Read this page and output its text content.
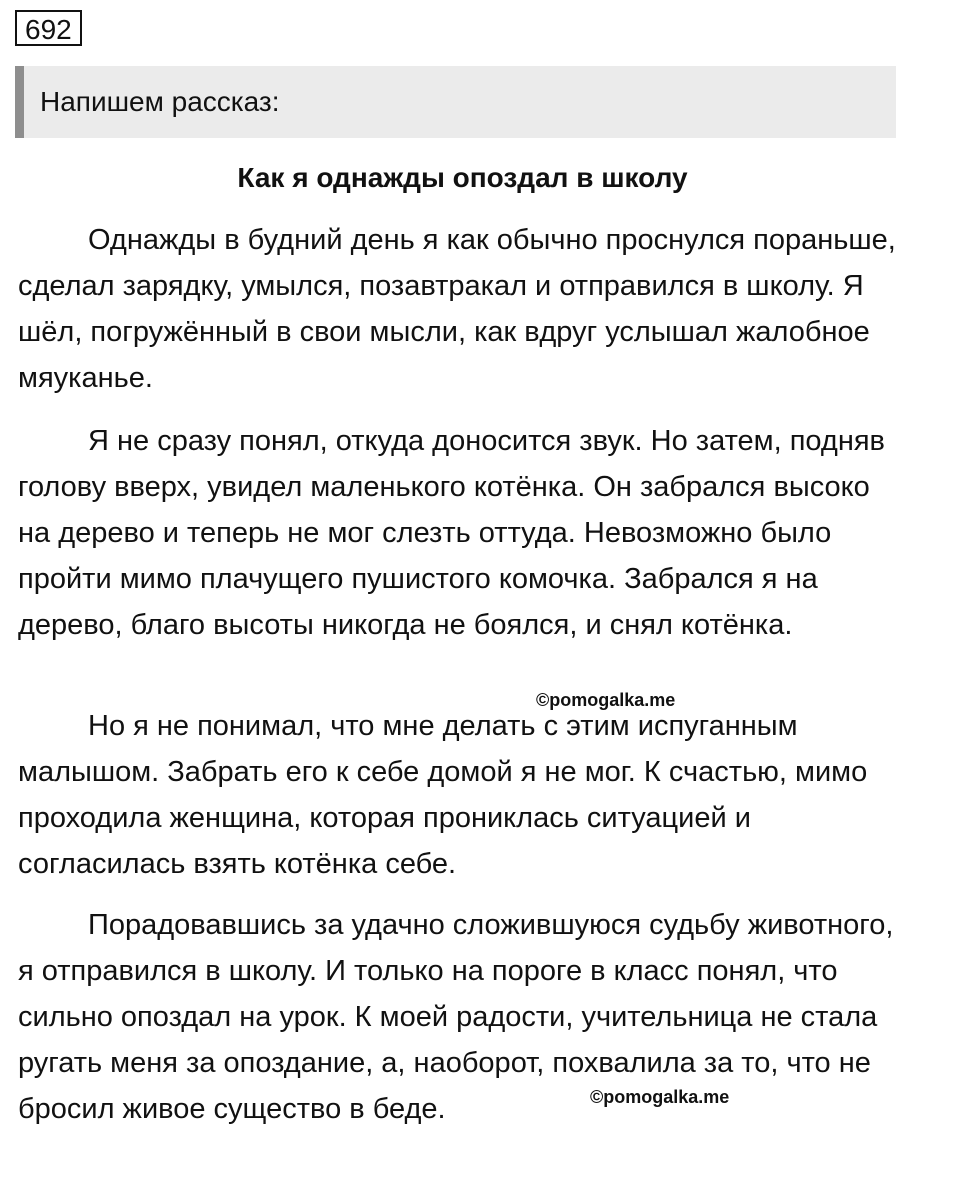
692
Напишем рассказ:
Как я однажды опоздал в школу

Однажды в будний день я как обычно проснулся пораньше, сделал зарядку, умылся, позавтракал и отправился в школу. Я шёл, погружённый в свои мысли, как вдруг услышал жалобное мяуканье.

Я не сразу понял, откуда доносится звук. Но затем, подняв голову вверх, увидел маленького котёнка. Он забрался высоко на дерево и теперь не мог слезть оттуда. Невозможно было пройти мимо плачущего пушистого комочка. Забрался я на дерево, благо высоты никогда не боялся, и снял котёнка.

Но я не понимал, что мне делать с этим испуганным малышом. Забрать его к себе домой я не мог. К счастью, мимо проходила женщина, которая прониклась ситуацией и согласилась взять котёнка себе.

Порадовавшись за удачно сложившуюся судьбу животного, я отправился в школу. И только на пороге в класс понял, что сильно опоздал на урок. К моей радости, учительница не стала ругать меня за опоздание, а, наоборот, похвалила за то, что не бросил живое существо в беде.

©pomogalka.me
©pomogalka.me
